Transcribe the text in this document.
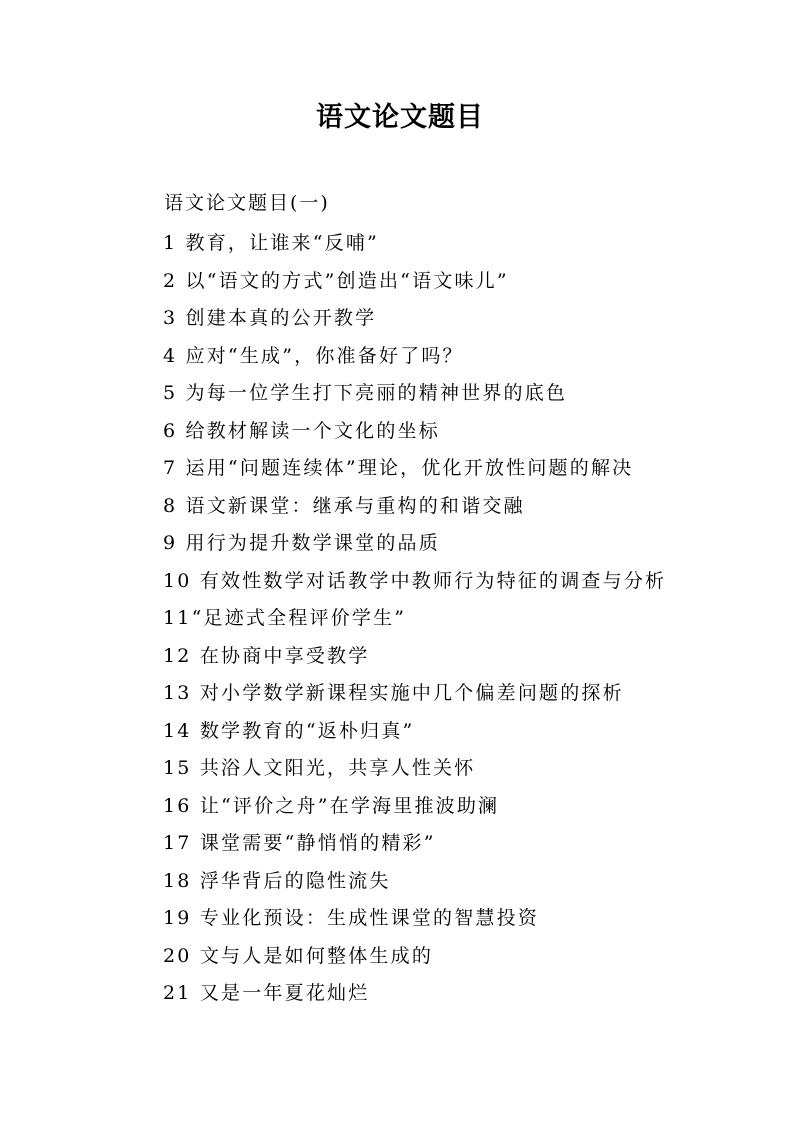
语文论文题目

语文论文题目(一)

1 教育，让谁来“反哺”
2 以“语文的方式”创造出“语文味儿”
3 创建本真的公开教学
4 应对“生成”，你准备好了吗？
5 为每一位学生打下亮丽的精神世界的底色
6 给教材解读一个文化的坐标
7 运用“问题连续体”理论，优化开放性问题的解决
8 语文新课堂：继承与重构的和谐交融
9 用行为提升数学课堂的品质
10 有效性数学对话教学中教师行为特征的调查与分析
11“足迹式全程评价学生”
12 在协商中享受教学
13 对小学数学新课程实施中几个偏差问题的探析
14 数学教育的“返朴归真”
15 共浴人文阳光，共享人性关怀
16 让“评价之舟”在学海里推波助澜
17 课堂需要“静悄悄的精彩”
18 浮华背后的隐性流失
19 专业化预设：生成性课堂的智慧投资
20 文与人是如何整体生成的
21 又是一年夏花灿烂
